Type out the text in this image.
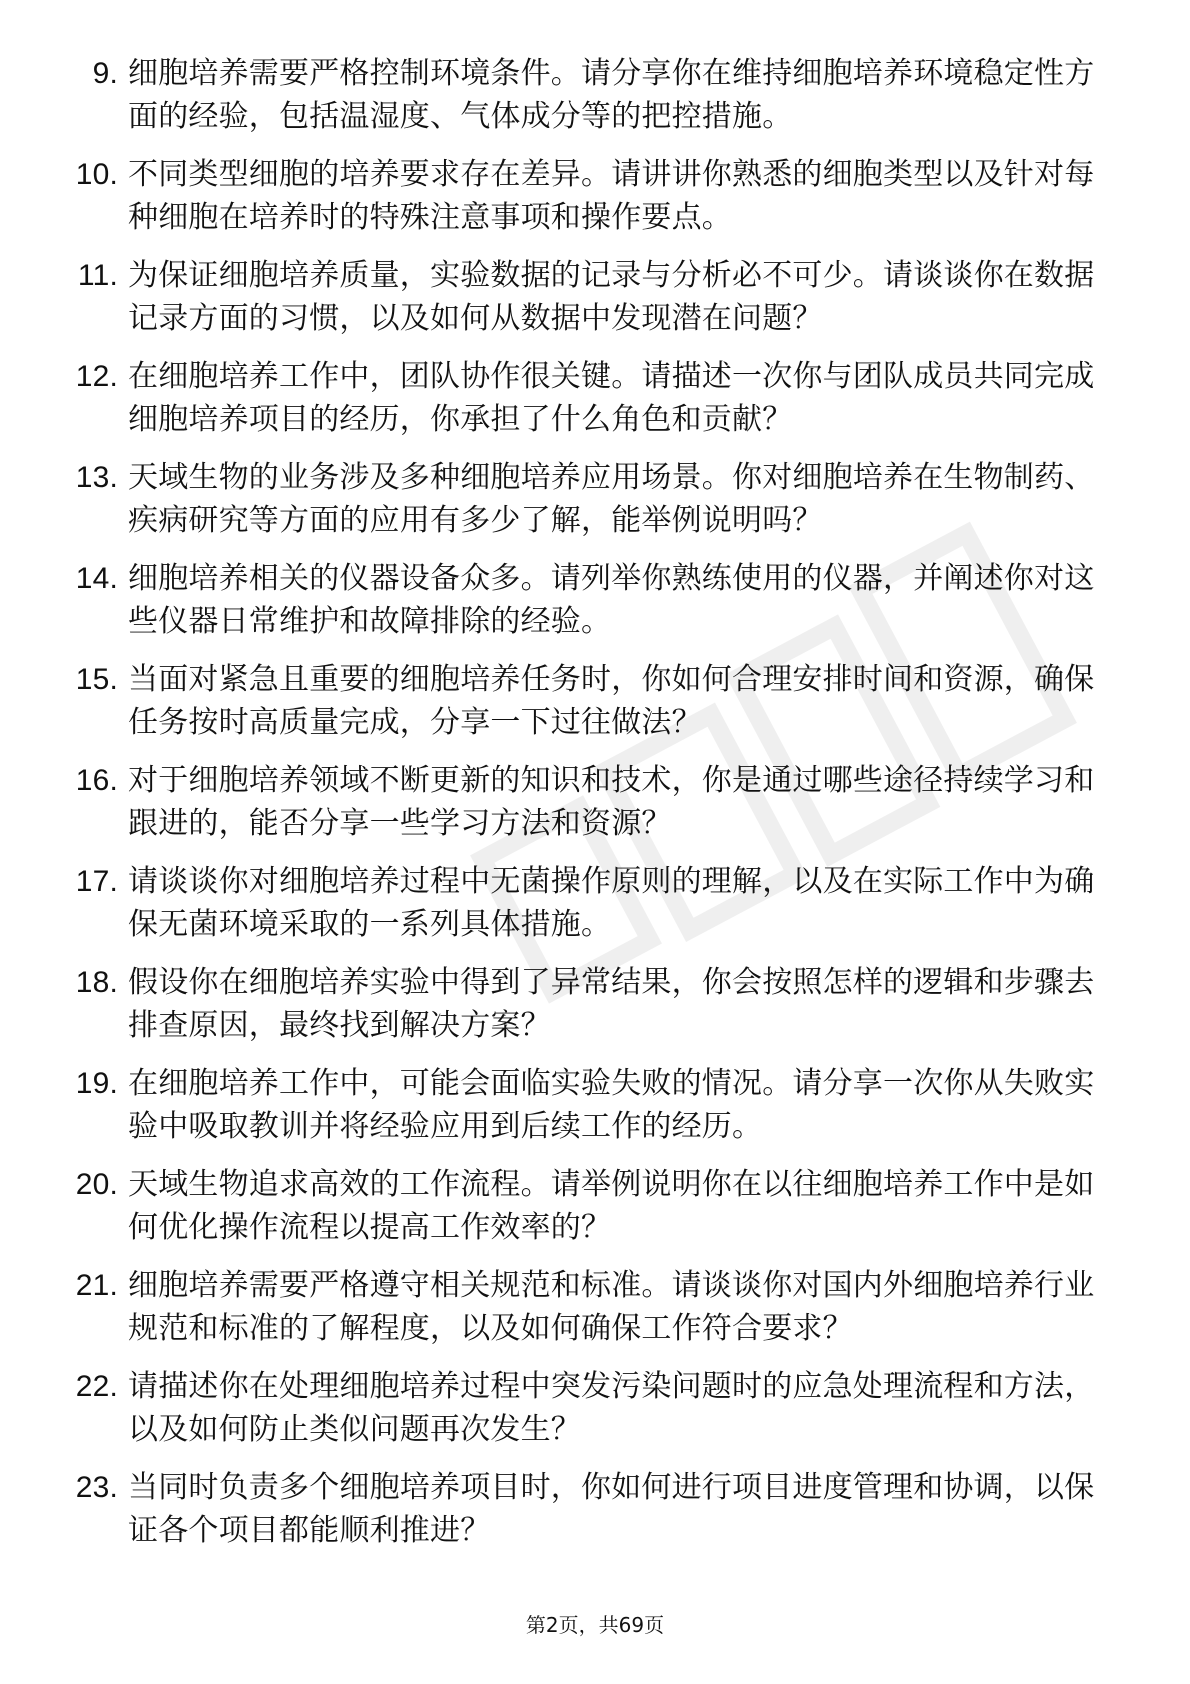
9. 细胞培养需要严格控制环境条件。请分享你在维持细胞培养环境稳定性方面的经验，包括温湿度、气体成分等的把控措施。
10. 不同类型细胞的培养要求存在差异。请讲讲你熟悉的细胞类型以及针对每种细胞在培养时的特殊注意事项和操作要点。
11. 为保证细胞培养质量，实验数据的记录与分析必不可少。请谈谈你在数据记录方面的习惯，以及如何从数据中发现潜在问题？
12. 在细胞培养工作中，团队协作很关键。请描述一次你与团队成员共同完成细胞培养项目的经历，你承担了什么角色和贡献？
13. 天域生物的业务涉及多种细胞培养应用场景。你对细胞培养在生物制药、疾病研究等方面的应用有多少了解，能举例说明吗？
14. 细胞培养相关的仪器设备众多。请列举你熟练使用的仪器，并阐述你对这些仪器日常维护和故障排除的经验。
15. 当面对紧急且重要的细胞培养任务时，你如何合理安排时间和资源，确保任务按时高质量完成，分享一下过往做法？
16. 对于细胞培养领域不断更新的知识和技术，你是通过哪些途径持续学习和跟进的，能否分享一些学习方法和资源？
17. 请谈谈你对细胞培养过程中无菌操作原则的理解，以及在实际工作中为确保无菌环境采取的一系列具体措施。
18. 假设你在细胞培养实验中得到了异常结果，你会按照怎样的逻辑和步骤去排查原因，最终找到解决方案？
19. 在细胞培养工作中，可能会面临实验失败的情况。请分享一次你从失败实验中吸取教训并将经验应用到后续工作的经历。
20. 天域生物追求高效的工作流程。请举例说明你在以往细胞培养工作中是如何优化操作流程以提高工作效率的？
21. 细胞培养需要严格遵守相关规范和标准。请谈谈你对国内外细胞培养行业规范和标准的了解程度，以及如何确保工作符合要求？
22. 请描述你在处理细胞培养过程中突发污染问题时的应急处理流程和方法，以及如何防止类似问题再次发生？
23. 当同时负责多个细胞培养项目时，你如何进行项目进度管理和协调，以保证各个项目都能顺利推进？
第2页，共69页
